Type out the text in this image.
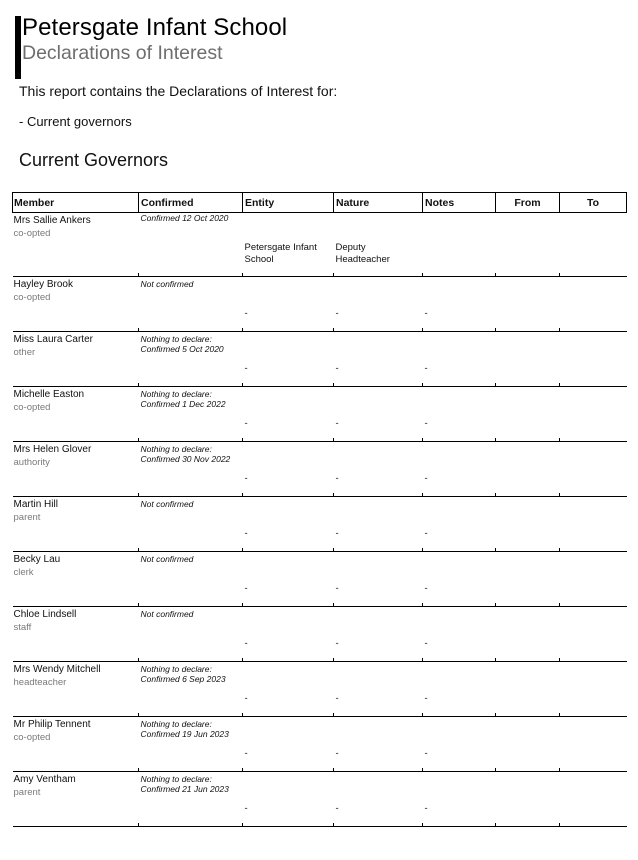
Petersgate Infant School
Declarations of Interest
This report contains the Declarations of Interest for:
- Current governors
Current Governors
Member	Confirmed	Entity	Nature	Notes	From	To

Mrs Sallie Ankers
co-opted	Confirmed 12 Oct 2020	Petersgate Infant School	Deputy Headteacher			

Hayley Brook
co-opted	Not confirmed	-	-	-		

Miss Laura Carter
other	Nothing to declare:
Confirmed 5 Oct 2020	-	-	-		

Michelle Easton
co-opted	Nothing to declare:
Confirmed 1 Dec 2022	-	-	-		

Mrs Helen Glover
authority	Nothing to declare:
Confirmed 30 Nov 2022	-	-	-		

Martin Hill
parent	Not confirmed	-	-	-		

Becky Lau
clerk	Not confirmed	-	-	-		

Chloe Lindsell
staff	Not confirmed	-	-	-		

Mrs Wendy Mitchell
headteacher	Nothing to declare:
Confirmed 6 Sep 2023	-	-	-		

Mr Philip Tennent
co-opted	Nothing to declare:
Confirmed 19 Jun 2023	-	-	-		

Amy Ventham
parent	Nothing to declare:
Confirmed 21 Jun 2023	-	-	-		
